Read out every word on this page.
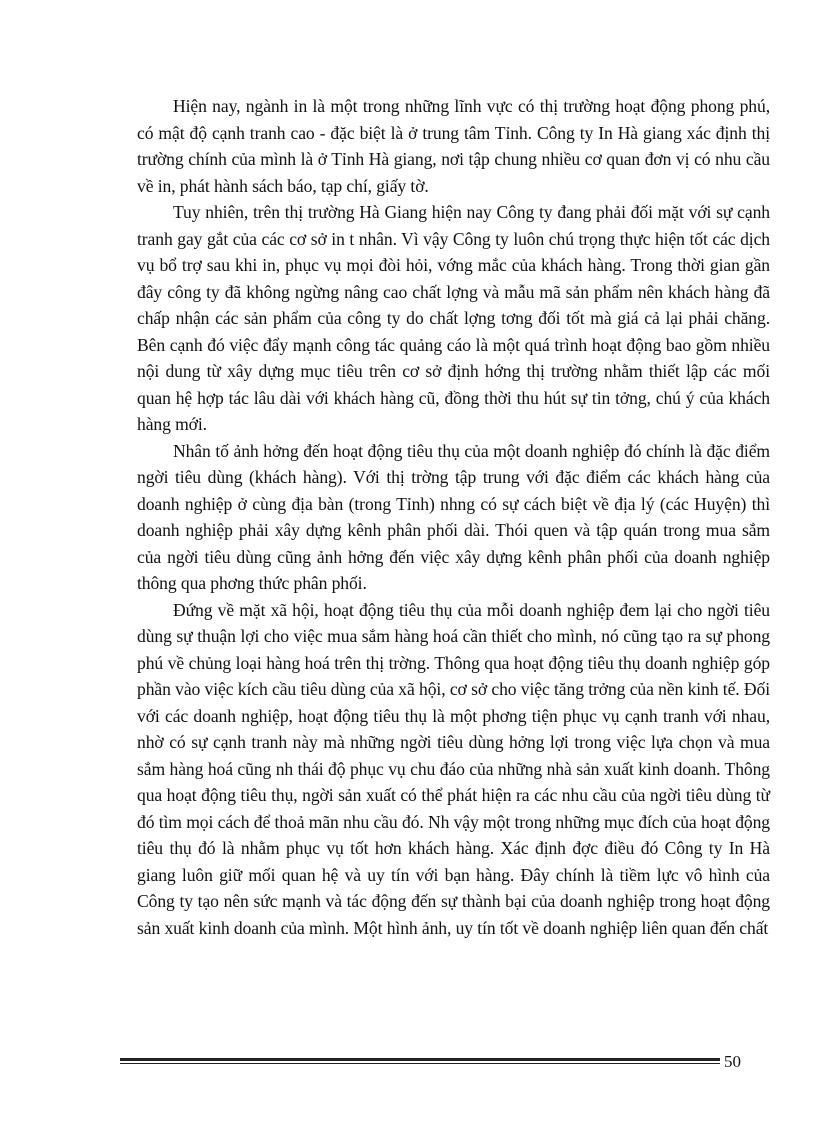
Hiện nay, ngành in là một trong những lĩnh vực có thị trường hoạt động phong phú, có mật độ cạnh tranh cao - đặc biệt là ở trung tâm Tỉnh. Công ty In Hà giang xác định thị trường chính của mình là ở Tỉnh Hà giang, nơi tập chung nhiều cơ quan đơn vị có nhu cầu về in, phát hành sách báo, tạp chí, giấy tờ.

Tuy nhiên, trên thị trường Hà Giang hiện nay Công ty đang phải đối mặt với sự cạnh tranh gay gắt của các cơ sở in t nhân. Vì vậy Công ty luôn chú trọng thực hiện tốt các dịch vụ bổ trợ sau khi in, phục vụ mọi đòi hỏi, vớng mắc của khách hàng. Trong thời gian gần đây công ty đã không ngừng nâng cao chất lợng và mẫu mã sản phẩm nên khách hàng đã chấp nhận các sản phẩm của công ty do chất lợng tơng đối tốt mà giá cả lại phải chăng. Bên cạnh đó việc đẩy mạnh công tác quảng cáo là một quá trình hoạt động bao gồm nhiều nội dung từ xây dựng mục tiêu trên cơ sở định hớng thị trường nhằm thiết lập các mối quan hệ hợp tác lâu dài với khách hàng cũ, đồng thời thu hút sự tin tởng, chú ý của khách hàng mới.

Nhân tố ảnh hởng đến hoạt động tiêu thụ của một doanh nghiệp đó chính là đặc điểm ngời tiêu dùng (khách hàng). Với thị trờng tập trung với đặc điểm các khách hàng của doanh nghiệp ở cùng địa bàn (trong Tỉnh) nhng có sự cách biệt về địa lý (các Huyện) thì doanh nghiệp phải xây dựng kênh phân phối dài. Thói quen và tập quán trong mua sắm của ngời tiêu dùng cũng ảnh hởng đến việc xây dựng kênh phân phối của doanh nghiệp thông qua phơng thức phân phối.

Đứng về mặt xã hội, hoạt động tiêu thụ của mỗi doanh nghiệp đem lại cho ngời tiêu dùng sự thuận lợi cho việc mua sắm hàng hoá cần thiết cho mình, nó cũng tạo ra sự phong phú về chủng loại hàng hoá trên thị trờng. Thông qua hoạt động tiêu thụ doanh nghiệp góp phần vào việc kích cầu tiêu dùng của xã hội, cơ sở cho việc tăng trởng của nền kinh tế. Đối với các doanh nghiệp, hoạt động tiêu thụ là một phơng tiện phục vụ cạnh tranh với nhau, nhờ có sự cạnh tranh này mà những ngời tiêu dùng hởng lợi trong việc lựa chọn và mua sắm hàng hoá cũng nh thái độ phục vụ chu đáo của những nhà sản xuất kinh doanh. Thông qua hoạt động tiêu thụ, ngời sản xuất có thể phát hiện ra các nhu cầu của ngời tiêu dùng từ đó tìm mọi cách để thoả mãn nhu cầu đó. Nh vậy một trong những mục đích của hoạt động tiêu thụ đó là nhằm phục vụ tốt hơn khách hàng. Xác định đợc điều đó Công ty In Hà giang luôn giữ mối quan hệ và uy tín với bạn hàng. Đây chính là tiềm lực vô hình của Công ty tạo nên sức mạnh và tác động đến sự thành bại của doanh nghiệp trong hoạt động sản xuất kinh doanh của mình. Một hình ảnh, uy tín tốt về doanh nghiệp liên quan đến chất

50
